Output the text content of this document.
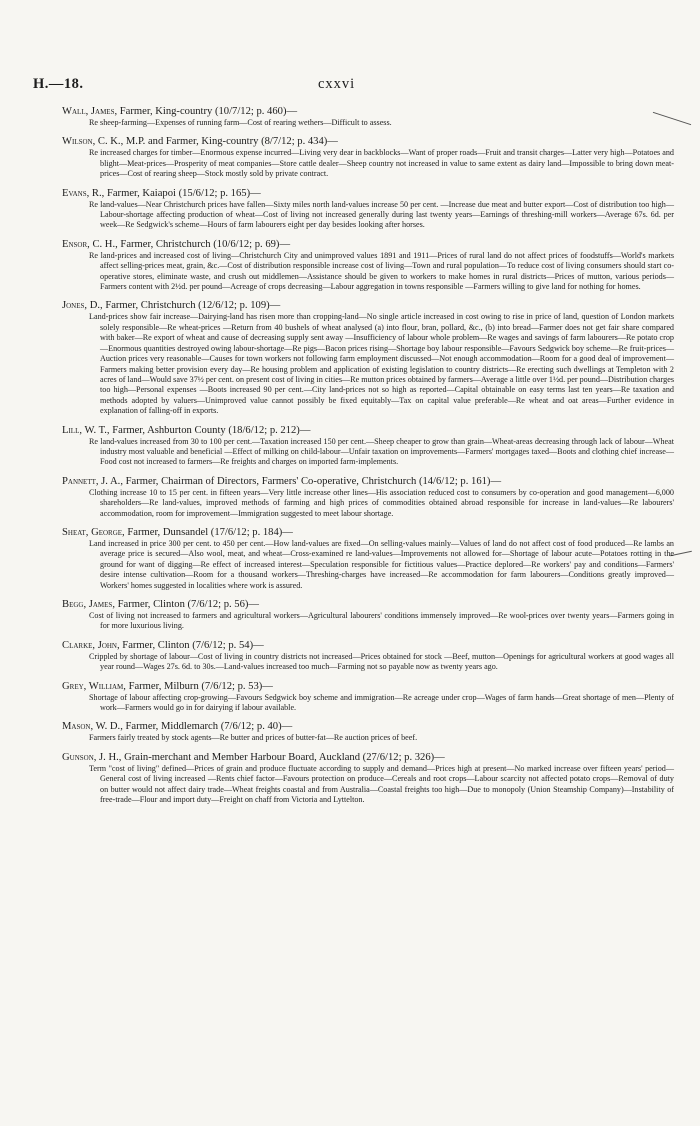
H.—18.	cxxvi
Wall, James, Farmer, King-country (10/7/12; p. 460)—
Re sheep-farming—Expenses of running farm—Cost of rearing wethers—Difficult to assess.
Wilson, C. K., M.P. and Farmer, King-country (8/7/12; p. 434)—
Re increased charges for timber—Enormous expense incurred—Living very dear in backblocks—Want of proper roads—Fruit and transit charges—Latter very high—Potatoes and blight—Meat-prices—Prosperity of meat companies—Store cattle dealer—Sheep country not increased in value to same extent as dairy land—Impossible to bring down meat-prices—Cost of rearing sheep—Stock mostly sold by private contract.
Evans, R., Farmer, Kaiapoi (15/6/12; p. 165)—
Re land-values—Near Christchurch prices have fallen—Sixty miles north land-values increase 50 per cent. —Increase due meat and butter export—Cost of distribution too high—Labour-shortage affecting production of wheat—Cost of living not increased generally during last twenty years—Earnings of threshing-mill workers—Average 67s. 6d. per week—Re Sedgwick's scheme—Hours of farm labourers eight per day besides looking after horses.
Ensor, C. H., Farmer, Christchurch (10/6/12; p. 69)—
Re land-prices and increased cost of living—Christchurch City and unimproved values 1891 and 1911—Prices of rural land do not affect prices of foodstuffs—World's markets affect selling-prices meat, grain, &c.—Cost of distribution responsible increase cost of living—Town and rural population—To reduce cost of living consumers should start co-operative stores, eliminate waste, and crush out middlemen—Assistance should be given to workers to make homes in rural districts—Prices of mutton, various periods—Farmers content with 2½d. per pound—Acreage of crops decreasing—Labour aggregation in towns responsible —Farmers willing to give land for nothing for homes.
Jones, D., Farmer, Christchurch (12/6/12; p. 109)—
Land-prices show fair increase—Dairying-land has risen more than cropping-land—No single article increased in cost owing to rise in price of land, question of London markets solely responsible—Re wheat-prices —Return from 40 bushels of wheat analysed (a) into flour, bran, pollard, &c., (b) into bread—Farmer does not get fair share compared with baker—Re export of wheat and cause of decreasing supply sent away —Insufficiency of labour whole problem—Re wages and savings of farm labourers—Re potato crop—Enormous quantities destroyed owing labour-shortage—Re pigs—Bacon prices rising—Shortage boy labour responsible—Favours Sedgwick boy scheme—Re fruit-prices—Auction prices very reasonable—Causes for town workers not following farm employment discussed—Not enough accommodation—Room for a good deal of improvement—Farmers making better provision every day—Re housing problem and application of existing legislation to country districts—Re erecting such dwellings at Templeton with 2 acres of land—Would save 37½ per cent. on present cost of living in cities—Re mutton prices obtained by farmers—Average a little over 1½d. per pound—Distribution charges too high—Personal expenses —Boots increased 90 per cent.—City land-prices not so high as reported—Capital obtainable on easy terms last ten years—Re taxation and methods adopted by valuers—Unimproved value cannot possibly be fixed equitably—Tax on capital value preferable—Re wheat and oat areas—Further evidence in explanation of falling-off in exports.
Lill, W. T., Farmer, Ashburton County (18/6/12; p. 212)—
Re land-values increased from 30 to 100 per cent.—Taxation increased 150 per cent.—Sheep cheaper to grow than grain—Wheat-areas decreasing through lack of labour—Wheat industry most valuable and beneficial —Effect of milking on child-labour—Unfair taxation on improvements—Farmers' mortgages taxed—Boots and clothing chief increase—Food cost not increased to farmers—Re freights and charges on imported farm-implements.
Pannett, J. A., Farmer, Chairman of Directors, Farmers' Co-operative, Christchurch (14/6/12; p. 161)—
Clothing increase 10 to 15 per cent. in fifteen years—Very little increase other lines—His association reduced cost to consumers by co-operation and good management—6,000 shareholders—Re land-values, improved methods of farming and high prices of commodities obtained abroad responsible for increase in land-values—Re labourers' accommodation, room for improvement—Immigration suggested to meet labour shortage.
Sheat, George, Farmer, Dunsandel (17/6/12; p. 184)—
Land increased in price 300 per cent. to 450 per cent.—How land-values are fixed—On selling-values mainly—Values of land do not affect cost of food produced—Re lambs an average price is secured—Also wool, meat, and wheat—Cross-examined re land-values—Improvements not allowed for—Shortage of labour acute—Potatoes rotting in the ground for want of digging—Re effect of increased interest—Speculation responsible for fictitious values—Practice deplored—Re workers' pay and conditions—Farmers' desire intense cultivation—Room for a thousand workers—Threshing-charges have increased—Re accommodation for farm labourers—Conditions greatly improved—Workers' homes suggested in localities where work is assured.
Begg, James, Farmer, Clinton (7/6/12; p. 56)—
Cost of living not increased to farmers and agricultural workers—Agricultural labourers' conditions immensely improved—Re wool-prices over twenty years—Farmers going in for more luxurious living.
Clarke, John, Farmer, Clinton (7/6/12; p. 54)—
Crippled by shortage of labour—Cost of living in country districts not increased—Prices obtained for stock —Beef, mutton—Openings for agricultural workers at good wages all year round—Wages 27s. 6d. to 30s.—Land-values increased too much—Farming not so payable now as twenty years ago.
Grey, William, Farmer, Milburn (7/6/12; p. 53)—
Shortage of labour affecting crop-growing—Favours Sedgwick boy scheme and immigration—Re acreage under crop—Wages of farm hands—Great shortage of men—Plenty of work—Farmers would go in for dairying if labour available.
Mason, W. D., Farmer, Middlemarch (7/6/12; p. 40)—
Farmers fairly treated by stock agents—Re butter and prices of butter-fat—Re auction prices of beef.
Gunson, J. H., Grain-merchant and Member Harbour Board, Auckland (27/6/12; p. 326)—
Term "cost of living" defined—Prices of grain and produce fluctuate according to supply and demand—Prices high at present—No marked increase over fifteen years' period—General cost of living increased —Rents chief factor—Favours protection on produce—Cereals and root crops—Labour scarcity not affected potato crops—Removal of duty on butter would not affect dairy trade—Wheat freights coastal and from Australia—Coastal freights too high—Due to monopoly (Union Steamship Company)—Instability of free-trade—Flour and import duty—Freight on chaff from Victoria and Lyttelton.
